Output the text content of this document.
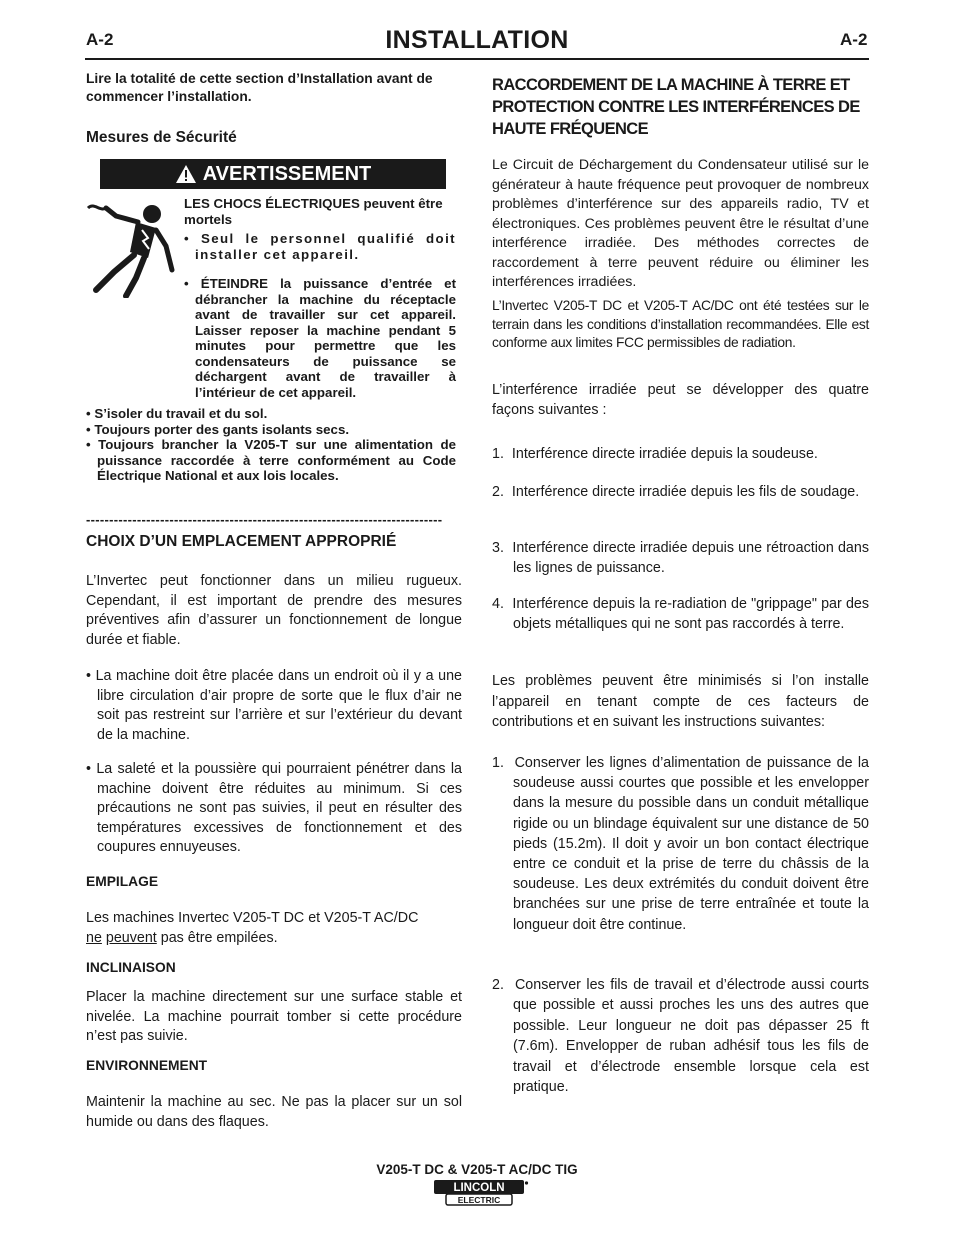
A-2	INSTALLATION	A-2
Lire la totalité de cette section d’Installation avant de commencer l’installation.
Mesures de Sécurité
AVERTISSEMENT

LES CHOCS ÉLECTRIQUES peuvent être mortels

• Seul le personnel qualifié doit installer cet appareil.

• ÉTEINDRE la puissance d’entrée et débrancher la machine du réceptacle avant de travailler sur cet appareil. Laisser reposer la machine pendant 5 minutes pour permettre que les condensateurs de puissance se déchargent avant de travailler à l’intérieur de cet appareil.

• S’isoler du travail et du sol.

• Toujours porter des gants isolants secs.

• Toujours brancher la V205-T sur une alimentation de puissance raccordée à terre conformément au Code Électrique National et aux lois locales.

-----------------------------------------------------------------------------
CHOIX D’UN EMPLACEMENT APPROPRIÉ

L’Invertec peut fonctionner dans un milieu rugueux. Cependant, il est important de prendre des mesures préventives afin d’assurer un fonctionnement de longue durée et fiable.

• La machine doit être placée dans un endroit où il y a une libre circulation d’air propre de sorte que le flux d’air ne soit pas restreint sur l’arrière et sur l’extérieur du devant de la machine.

• La saleté et la poussière qui pourraient pénétrer dans la machine doivent être réduites au minimum. Si ces précautions ne sont pas suivies, il peut en résulter des températures excessives de fonctionnement et des coupures ennuyeuses.

EMPILAGE
Les machines Invertec V205-T DC et V205-T AC/DC
ne peuvent pas être empilées.
INCLINAISON

Placer la machine directement sur une surface stable et nivelée. La machine pourrait tomber si cette procédure n’est pas suivie.

ENVIRONNEMENT

Maintenir la machine au sec. Ne pas la placer sur un sol humide ou dans des flaques.

RACCORDEMENT DE LA MACHINE À TERRE ET PROTECTION CONTRE LES INTERFÉRENCES DE HAUTE FRÉQUENCE

Le Circuit de Déchargement du Condensateur utilisé sur le générateur à haute fréquence peut provoquer de nombreux problèmes d’interférence sur des appareils radio, TV et électroniques. Ces problèmes peuvent être le résultat d’une interférence irradiée. Des méthodes correctes de raccordement à terre peuvent réduire ou éliminer les interférences irradiées.

L’Invertec V205-T DC et V205-T AC/DC ont été testées sur le terrain dans les conditions d’installation recommandées. Elle est conforme aux limites FCC permissibles de radiation.

L’interférence irradiée peut se développer des quatre façons suivantes :

1. Interférence directe irradiée depuis la soudeuse.

2. Interférence directe irradiée depuis les fils de soudage.

3. Interférence directe irradiée depuis une rétroaction dans les lignes de puissance.

4. Interférence depuis la re-radiation de "grippage" par des objets métalliques qui ne sont pas raccordés à terre.

Les problèmes peuvent être minimisés si l’on installe l’appareil en tenant compte de ces facteurs de contributions et en suivant les instructions suivantes:

1. Conserver les lignes d’alimentation de puissance de la soudeuse aussi courtes que possible et les envelopper dans la mesure du possible dans un conduit métallique rigide ou un blindage équivalent sur une distance de 50 pieds (15.2m). Il doit y avoir un bon contact électrique entre ce conduit et la prise de terre du châssis de la soudeuse. Les deux extrémités du conduit doivent être branchées sur une prise de terre entraînée et toute la longueur doit être continue.

2. Conserver les fils de travail et d’électrode aussi courts que possible et aussi proches les uns des autres que possible. Leur longueur ne doit pas dépasser 25 ft (7.6m). Envelopper de ruban adhésif tous les fils de travail et d’électrode ensemble lorsque cela est pratique.

V205-T DC & V205-T AC/DC TIG
LINCOLN
ELECTRIC
